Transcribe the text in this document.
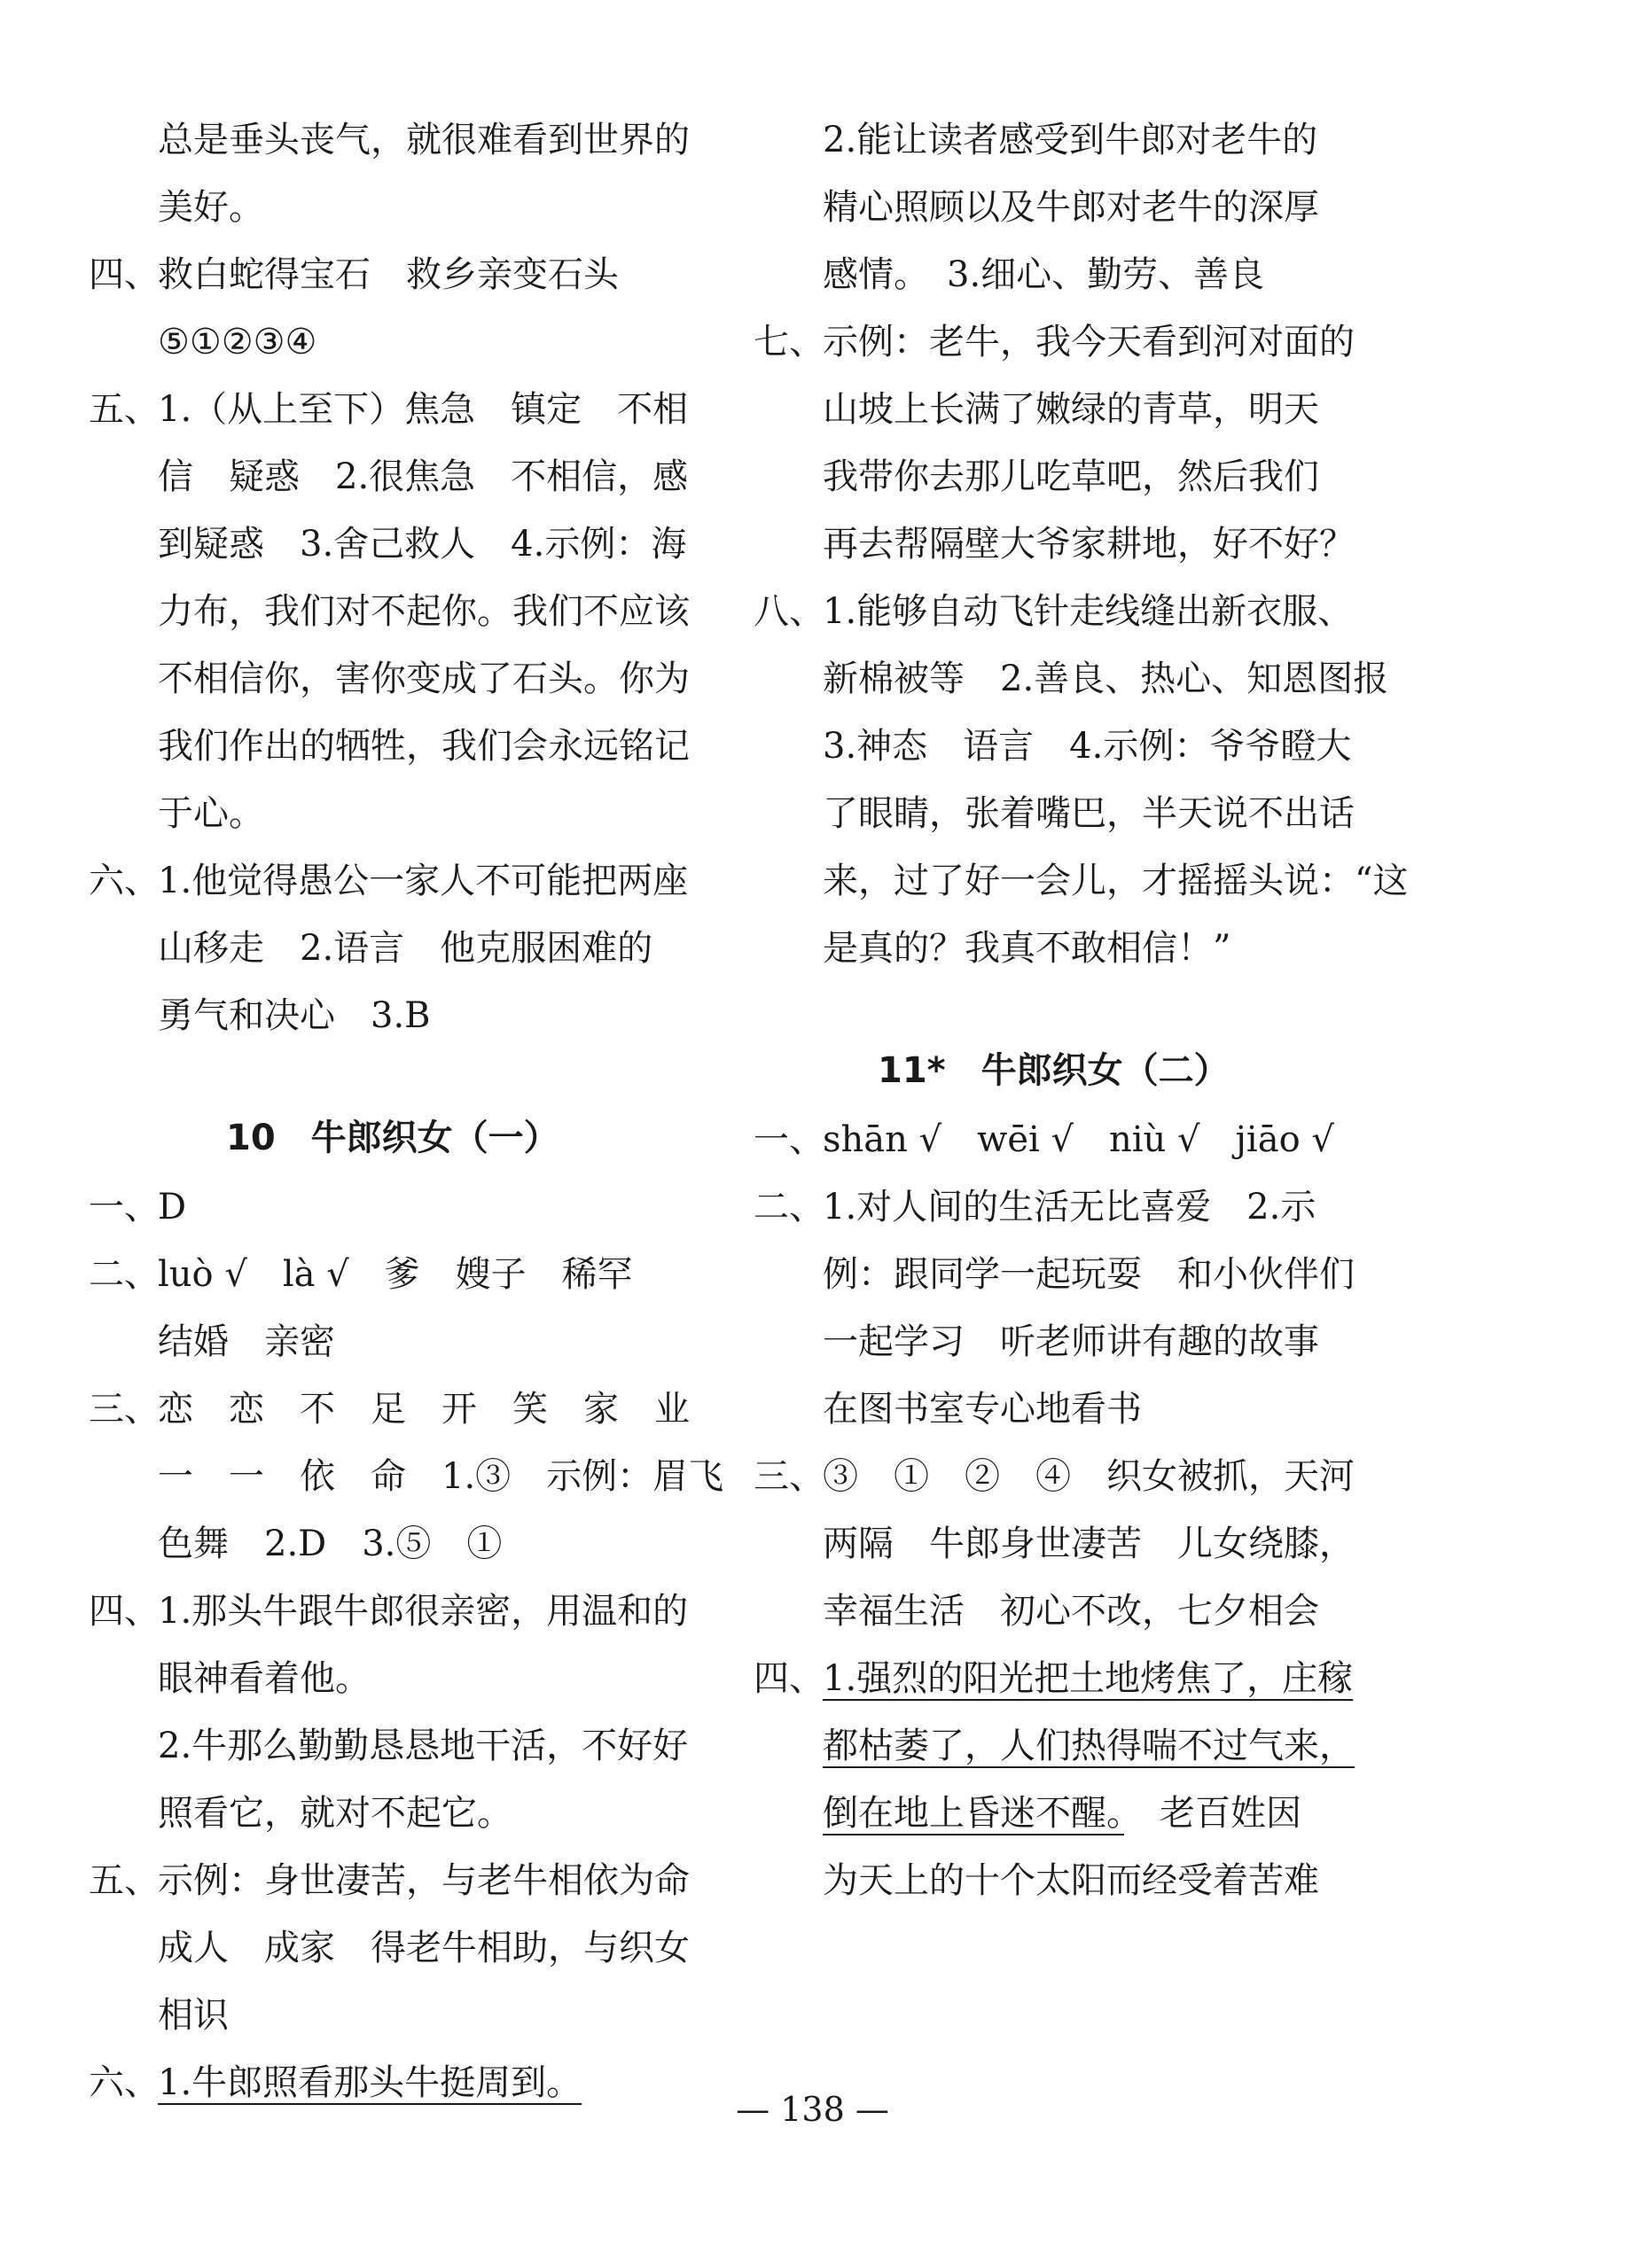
总是垂头丧气，就很难看到世界的
美好。
四、救白蛇得宝石　救乡亲变石头
⑤①②③④
五、1.（从上至下）焦急　镇定　不相
信　疑惑　2.很焦急　不相信，感
到疑惑　3.舍己救人　4.示例：海
力布，我们对不起你。我们不应该
不相信你，害你变成了石头。你为
我们作出的牺牲，我们会永远铭记
于心。
六、1.他觉得愚公一家人不可能把两座
山移走　2.语言　他克服困难的
勇气和决心　3.B
10　牛郎织女（一）
一、D
二、luò √　là √　爹　嫂子　稀罕
结婚　亲密
三、恋　恋　不　足　开　笑　家　业
一　一　依　命　1.③　示例：眉飞
色舞　2.D　3.⑤　①
四、1.那头牛跟牛郎很亲密，用温和的
眼神看着他。
2.牛那么勤勤恳恳地干活，不好好
照看它，就对不起它。
五、示例：身世凄苦，与老牛相依为命
成人　成家　得老牛相助，与织女
相识
六、1.牛郎照看那头牛挺周到。
2.能让读者感受到牛郎对老牛的
精心照顾以及牛郎对老牛的深厚
感情。　3.细心、勤劳、善良
七、示例：老牛，我今天看到河对面的
山坡上长满了嫩绿的青草，明天
我带你去那儿吃草吧，然后我们
再去帮隔壁大爷家耕地，好不好？
八、1.能够自动飞针走线缝出新衣服、
新棉被等　2.善良、热心、知恩图报
3.神态　语言　4.示例：爷爷瞪大
了眼睛，张着嘴巴，半天说不出话
来，过了好一会儿，才摇摇头说：“这
是真的？我真不敢相信！”
11*　牛郎织女（二）
一、shān √　wēi √　niù √　jiāo √
二、1.对人间的生活无比喜爱　2.示
例：跟同学一起玩耍　和小伙伴们
一起学习　听老师讲有趣的故事
在图书室专心地看书
三、③　①　②　④　织女被抓，天河
两隔　牛郎身世凄苦　儿女绕膝，
幸福生活　初心不改，七夕相会
四、1.强烈的阳光把土地烤焦了，庄稼
都枯萎了，人们热得喘不过气来，
倒在地上昏迷不醒。　老百姓因
为天上的十个太阳而经受着苦难
— 138 —
